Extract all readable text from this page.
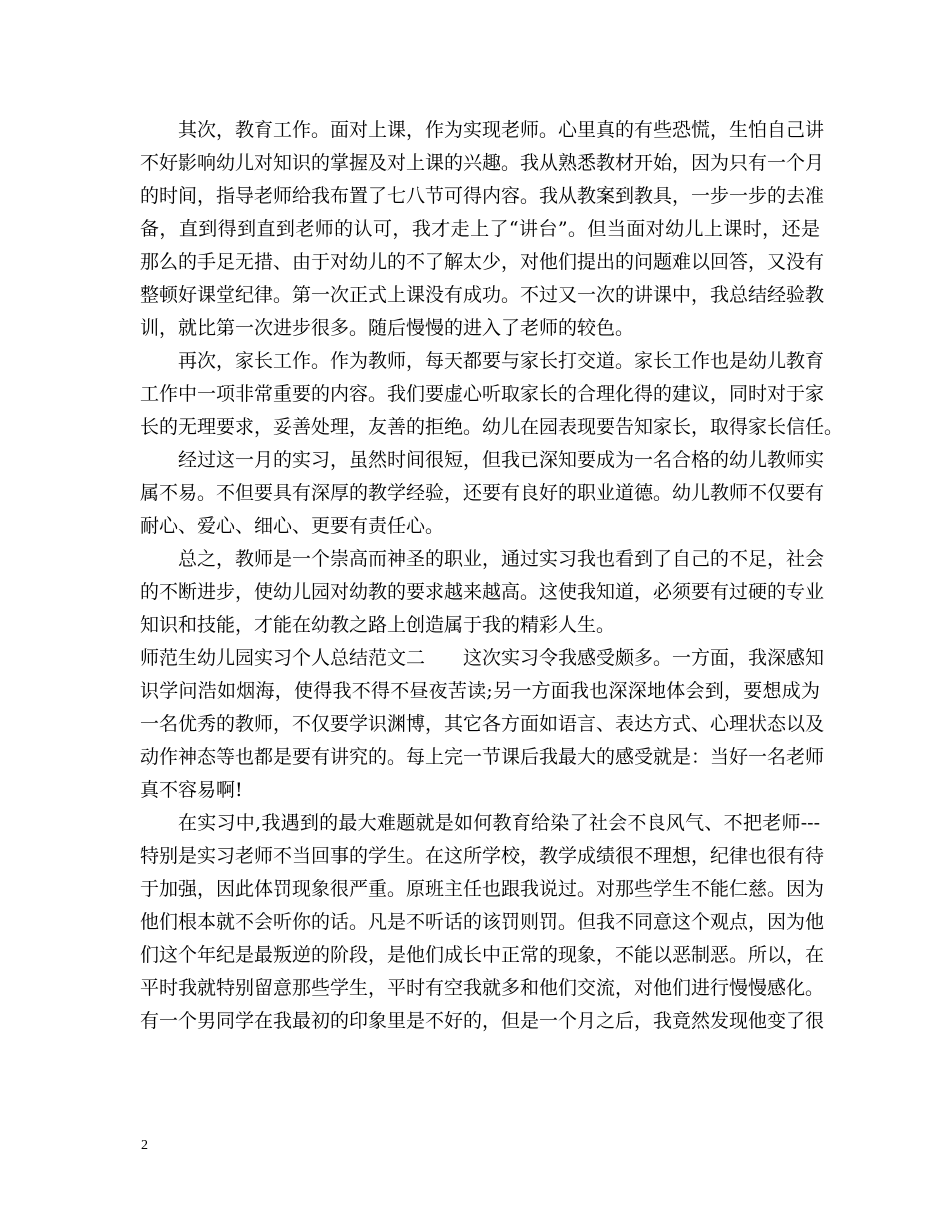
其次，教育工作。面对上课，作为实现老师。心里真的有些恐慌，生怕自己讲
不好影响幼儿对知识的掌握及对上课的兴趣。我从熟悉教材开始，因为只有一个月
的时间，指导老师给我布置了七八节可得内容。我从教案到教具，一步一步的去准
备，直到得到直到老师的认可，我才走上了“讲台”。但当面对幼儿上课时，还是
那么的手足无措、由于对幼儿的不了解太少，对他们提出的问题难以回答，又没有
整顿好课堂纪律。第一次正式上课没有成功。不过又一次的讲课中，我总结经验教
训，就比第一次进步很多。随后慢慢的进入了老师的较色。
再次，家长工作。作为教师，每天都要与家长打交道。家长工作也是幼儿教育
工作中一项非常重要的内容。我们要虚心听取家长的合理化得的建议，同时对于家
长的无理要求，妥善处理，友善的拒绝。幼儿在园表现要告知家长，取得家长信任。
经过这一月的实习，虽然时间很短，但我已深知要成为一名合格的幼儿教师实
属不易。不但要具有深厚的教学经验，还要有良好的职业道德。幼儿教师不仅要有
耐心、爱心、细心、更要有责任心。
总之，教师是一个崇高而神圣的职业，通过实习我也看到了自己的不足，社会
的不断进步，使幼儿园对幼教的要求越来越高。这使我知道，必须要有过硬的专业
知识和技能，才能在幼教之路上创造属于我的精彩人生。
师范生幼儿园实习个人总结范文二　　这次实习令我感受颇多。一方面，我深感知
识学问浩如烟海，使得我不得不昼夜苦读;另一方面我也深深地体会到，要想成为
一名优秀的教师，不仅要学识渊博，其它各方面如语言、表达方式、心理状态以及
动作神态等也都是要有讲究的。每上完一节课后我最大的感受就是：当好一名老师
真不容易啊!
在实习中,我遇到的最大难题就是如何教育给染了社会不良风气、不把老师---
特别是实习老师不当回事的学生。在这所学校，教学成绩很不理想，纪律也很有待
于加强，因此体罚现象很严重。原班主任也跟我说过。对那些学生不能仁慈。因为
他们根本就不会听你的话。凡是不听话的该罚则罚。但我不同意这个观点，因为他
们这个年纪是最叛逆的阶段，是他们成长中正常的现象，不能以恶制恶。所以，在
平时我就特别留意那些学生，平时有空我就多和他们交流，对他们进行慢慢感化。
有一个男同学在我最初的印象里是不好的，但是一个月之后，我竟然发现他变了很
2
